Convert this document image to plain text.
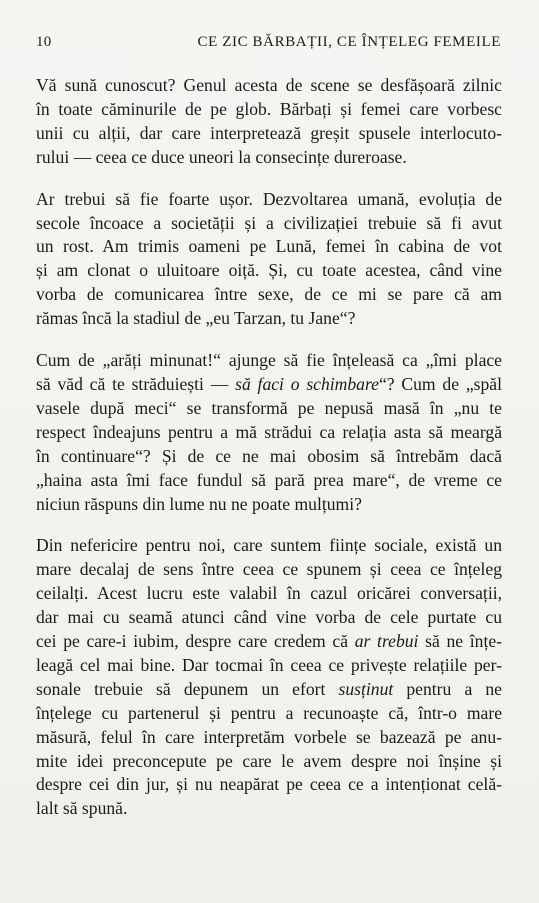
10	CE ZIC BĂRBAȚII, CE ÎNȚELEG FEMEILE

Vă sună cunoscut? Genul acesta de scene se desfășoară zilnic
în toate căminurile de pe glob. Bărbați și femei care vorbesc
unii cu alții, dar care interpretează greșit spusele interlocuto-
rului — ceea ce duce uneori la consecințe dureroase.

Ar trebui să fie foarte ușor. Dezvoltarea umană, evoluția de
secole încoace a societății și a civilizației trebuie să fi avut
un rost. Am trimis oameni pe Lună, femei în cabina de vot
și am clonat o uluitoare oiță. Și, cu toate acestea, când vine
vorba de comunicarea între sexe, de ce mi se pare că am
rămas încă la stadiul de „eu Tarzan, tu Jane“?

Cum de „arăți minunat!“ ajunge să fie înțeleasă ca „îmi place
să văd că te străduiești — să faci o schimbare“? Cum de „spăl
vasele după meci“ se transformă pe nepusă masă în „nu te
respect îndeajuns pentru a mă strădui ca relația asta să meargă
în continuare“? Și de ce ne mai obosim să întrebăm dacă
„haina asta îmi face fundul să pară prea mare“, de vreme ce
niciun răspuns din lume nu ne poate mulțumi?

Din nefericire pentru noi, care suntem ființe sociale, există un
mare decalaj de sens între ceea ce spunem și ceea ce înțeleg
ceilalți. Acest lucru este valabil în cazul oricărei conversații,
dar mai cu seamă atunci când vine vorba de cele purtate cu
cei pe care-i iubim, despre care credem că ar trebui să ne înțe-
leagă cel mai bine. Dar tocmai în ceea ce privește relațiile per-
sonale trebuie să depunem un efort susținut pentru a ne
înțelege cu partenerul și pentru a recunoaște că, într-o mare
măsură, felul în care interpretăm vorbele se bazează pe anu-
mite idei preconcepute pe care le avem despre noi înșine și
despre cei din jur, și nu neapărat pe ceea ce a intenționat celă-
lalt să spună.
